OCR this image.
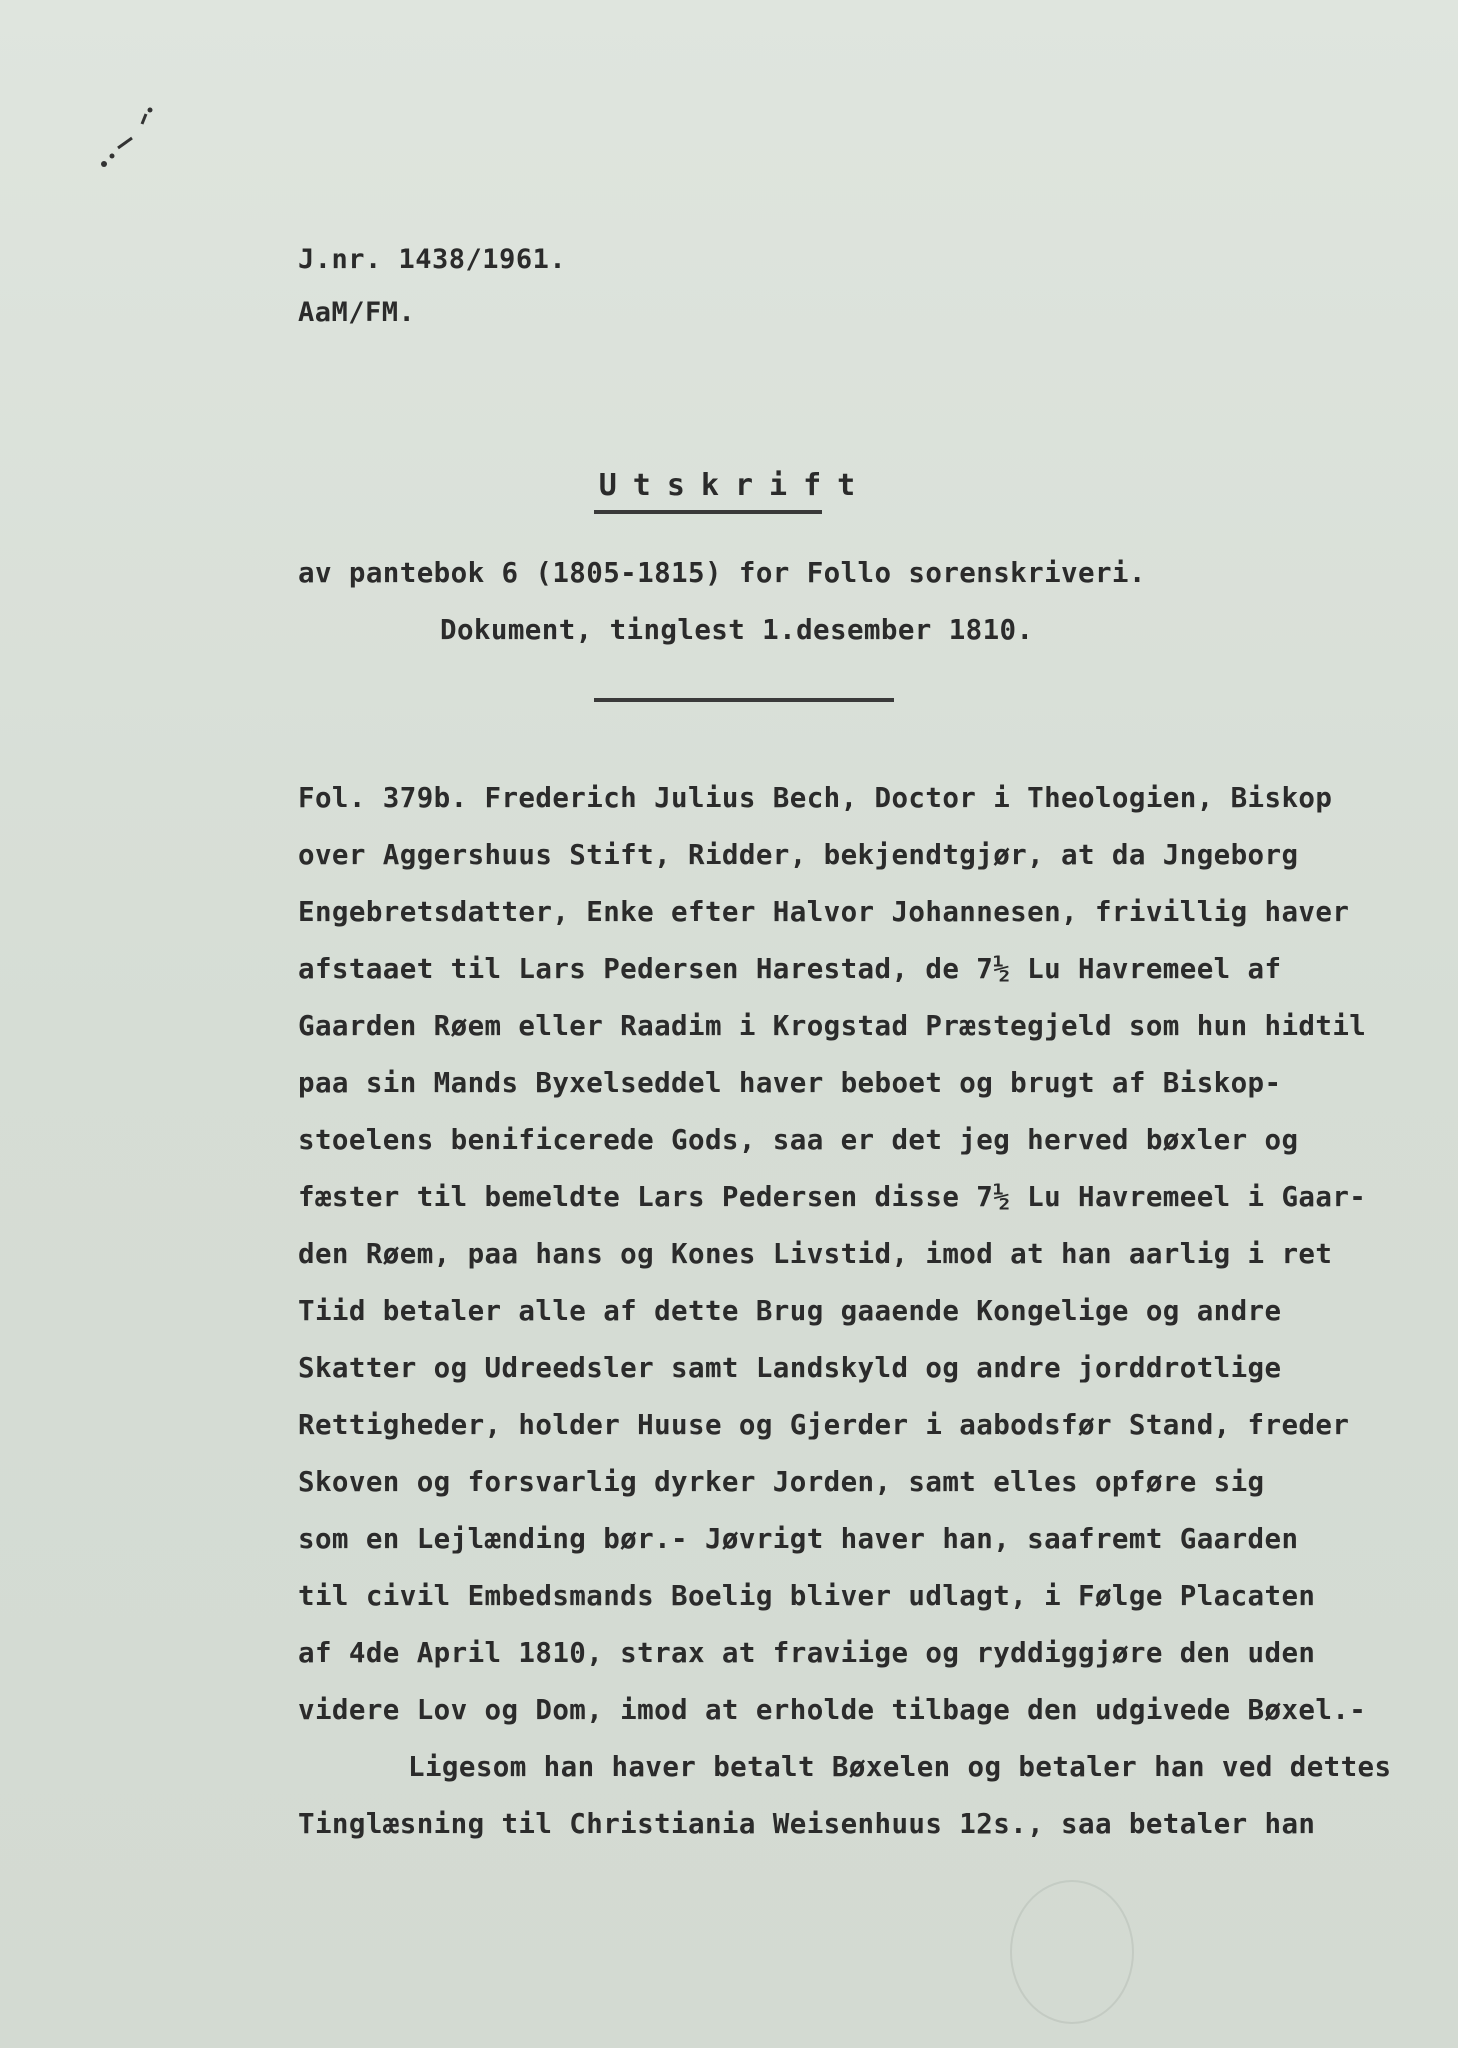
J.nr. 1438/1961.
AaM/FM.
Utskrift
av pantebok 6 (1805-1815) for Follo sorenskriveri.
Dokument, tinglest 1.desember 1810.
Fol. 379b. Frederich Julius Bech, Doctor i Theologien, Biskop
over Aggershuus Stift, Ridder, bekjendtgjør, at da Jngeborg
Engebretsdatter, Enke efter Halvor Johannesen, frivillig haver
afstaaet til Lars Pedersen Harestad, de 7½ Lu Havremeel af
Gaarden Røem eller Raadim i Krogstad Præstegjeld som hun hidtil
paa sin Mands Byxelseddel haver beboet og brugt af Biskop-
stoelens benificerede Gods, saa er det jeg herved bøxler og
fæster til bemeldte Lars Pedersen disse 7½ Lu Havremeel i Gaar-
den Røem, paa hans og Kones Livstid, imod at han aarlig i ret
Tiid betaler alle af dette Brug gaaende Kongelige og andre
Skatter og Udreedsler samt Landskyld og andre jorddrotlige
Rettigheder, holder Huuse og Gjerder i aabodsfør Stand, freder
Skoven og forsvarlig dyrker Jorden, samt elles opføre sig
som en Lejlænding bør.- Jøvrigt haver han, saafremt Gaarden
til civil Embedsmands Boelig bliver udlagt, i Følge Placaten
af 4de April 1810, strax at fraviige og ryddiggjøre den uden
videre Lov og Dom, imod at erholde tilbage den udgivede Bøxel.-
Ligesom han haver betalt Bøxelen og betaler han ved dettes
Tinglæsning til Christiania Weisenhuus 12s., saa betaler han
